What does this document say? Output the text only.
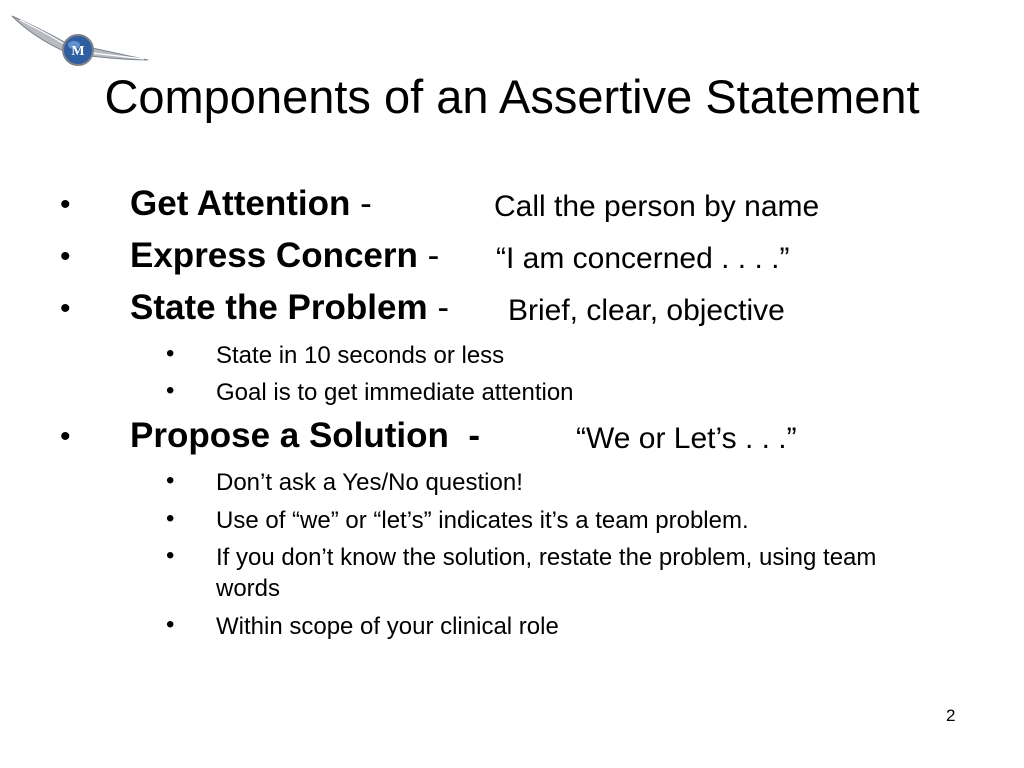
M
Components of an Assertive Statement
• Get Attention -	Call the person by name
• Express Concern - “I am concerned . . . .”
• State the Problem - Brief, clear, objective
• State in 10 seconds or less
• Goal is to get immediate attention
• Propose a Solution -	“We or Let’s . . .”
• Don’t ask a Yes/No question!
• Use of “we” or “let’s” indicates it’s a team problem.
• If you don’t know the solution, restate the problem, using team words
• Within scope of your clinical role
2
